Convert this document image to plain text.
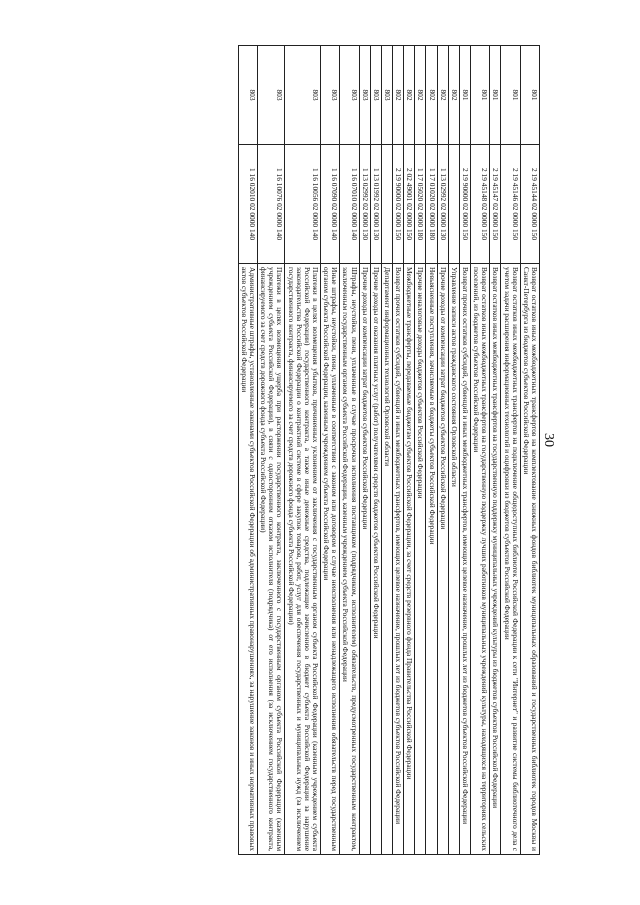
30
801	2 19 45144 02 0000 150	Возврат остатков иных межбюджетных трансфертов на комплектование книжных фондов библиотек муниципальных образований и государственных библиотек городов Москвы и Санкт-Петербурга из бюджетов субъектов Российской Федерации
801	2 19 45146 02 0000 150	Возврат остатков иных межбюджетных трансфертов на подключение общедоступных библиотек Российской Федерации к сети "Интернет" и развитие системы библиотечного дела с учетом задачи расширения информационных технологий и оцифровки из бюджетов субъектов Российской Федерации
801	2 19 45147 02 0000 150	Возврат остатков иных межбюджетных трансфертов на государственную поддержку муниципальных учреждений культуры из бюджетов субъектов Российской Федерации
801	2 19 45148 02 0000 150	Возврат остатков иных межбюджетных трансфертов на государственную поддержку лучших работников муниципальных учреждений культуры, находящихся на территориях сельских поселений, из бюджетов субъектов Российской Федерации
801	2 19 90000 02 0000 150	Возврат прочих остатков субсидий, субвенций и иных межбюджетных трансфертов, имеющих целевое назначение, прошлых лет из бюджетов субъектов Российской Федерации
802		Управление записи актов гражданского состояния Орловской области
802	1 13 02992 02 0000 130	Прочие доходы от компенсации затрат бюджетов субъектов Российской Федерации
802	1 17 01020 02 0000 180	Невыясненные поступления, зачисляемые в бюджеты субъектов Российской Федерации
802	1 17 05020 02 0000 180	Прочие неналоговые доходы бюджетов субъектов Российской Федерации
802	2 02 49001 02 0000 150	Межбюджетные трансферты, передаваемые бюджетам субъектов Российской Федерации, за счет средств резервного фонда Правительства Российской Федерации
802	2 19 90000 02 0000 150	Возврат прочих остатков субсидий, субвенций и иных межбюджетных трансфертов, имеющих целевое назначение, прошлых лет из бюджетов субъектов Российской Федерации
803		Департамент информационных технологий Орловской области
803	1 13 01992 02 0000 130	Прочие доходы от оказания платных услуг (работ) получателями средств бюджетов субъектов Российской Федерации
803	1 13 02992 02 0000 130	Прочие доходы от компенсации затрат бюджетов субъектов Российской Федерации
803	1 16 07010 02 0000 140	Штрафы, неустойки, пени, уплаченные в случае просрочки исполнения поставщиком (подрядчиком, исполнителем) обязательств, предусмотренных государственным контрактом, заключенным государственным органом субъекта Российской Федерации, казенным учреждением субъекта Российской Федерации
803	1 16 07090 02 0000 140	Иные штрафы, неустойки, пени, уплаченные в соответствии с законом или договором в случае неисполнения или ненадлежащего исполнения обязательств перед государственным органом субъекта Российской Федерации, казенным учреждением субъекта Российской Федерации
803	1 16 10056 02 0000 140	Платежи в целях возмещения убытков, причиненных уклонением от заключения с государственным органом субъекта Российской Федерации (казенным учреждением субъекта Российской Федерации) государственного контракта, а также иные денежные средства, подлежащие зачислению в бюджет субъекта Российской Федерации за нарушение законодательства Российской Федерации о контрактной системе в сфере закупок товаров, работ, услуг для обеспечения государственных и муниципальных нужд (за исключением государственного контракта, финансируемого за счет средств дорожного фонда субъекта Российской Федерации)
803	1 16 10076 02 0000 140	Платежи в целях возмещения ущерба при расторжении государственного контракта, заключенного с государственным органом субъекта Российской Федерации (казенным учреждением субъекта Российской Федерации), в связи с односторонним отказом исполнителя (подрядчика) от его исполнения (за исключением государственного контракта, финансируемого за счет средств дорожного фонда субъекта Российской Федерации)
803	1 16 02010 02 0000 140	Административные штрафы, установленные законами субъектов Российской Федерации об административных правонарушениях, за нарушение законов и иных нормативных правовых актов субъектов Российской Федерации
